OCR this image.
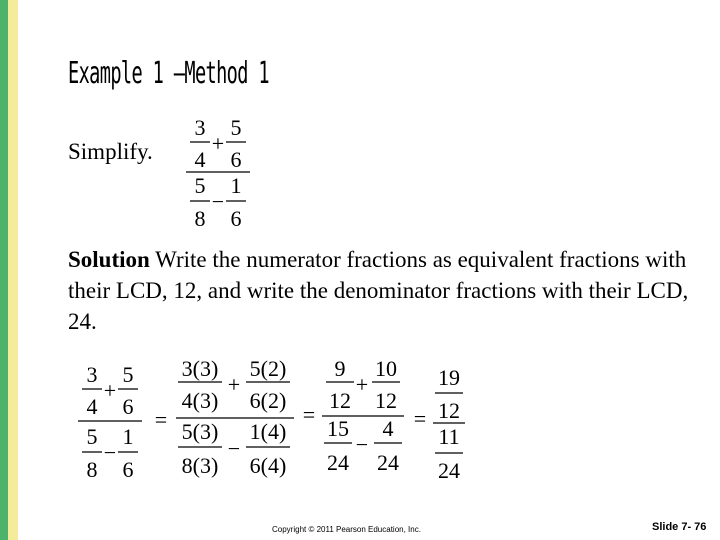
Example 1 —Method 1
Simplify.
Solution Write the numerator fractions as equivalent fractions with their LCD, 12, and write the denominator fractions with their LCD, 24.
3
4
+
5
6
5
8
−
1
6
3
4
+
5
6
5
8
−
1
6
=
3(3)
4(3)
+
5(2)
6(2)
5(3)
8(3)
−
1(4)
6(4)
=
9
12
+
10
12
15
24
−
4
24
=
19
12
11
24
Copyright © 2011 Pearson Education, Inc.	Slide 7- 76
